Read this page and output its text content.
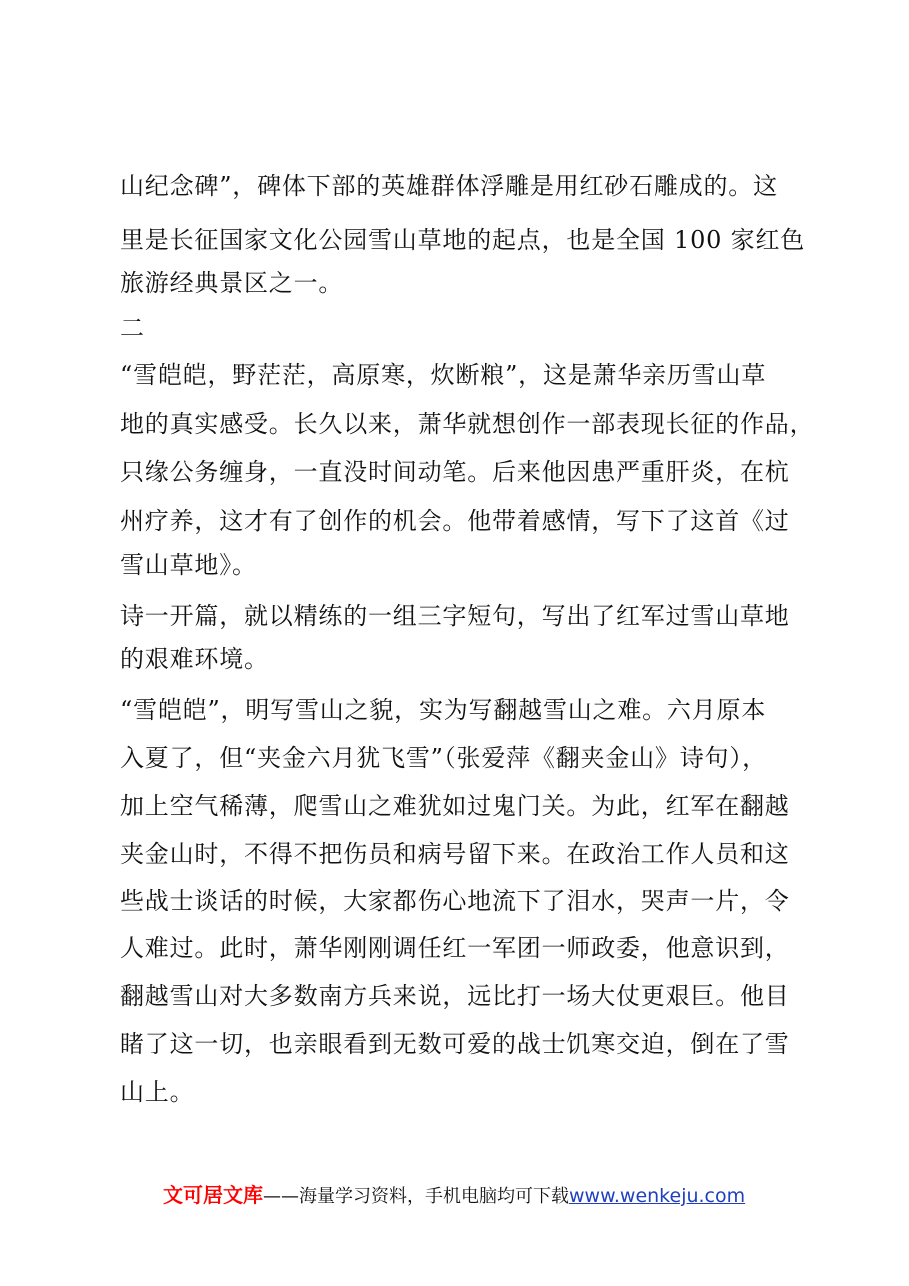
山纪念碑”，碑体下部的英雄群体浮雕是用红砂石雕成的。这
里是长征国家文化公园雪山草地的起点，也是全国 100 家红色
旅游经典景区之一。
二
“雪皑皑，野茫茫，高原寒，炊断粮”，这是萧华亲历雪山草
地的真实感受。长久以来，萧华就想创作一部表现长征的作品，
只缘公务缠身，一直没时间动笔。后来他因患严重肝炎，在杭
州疗养，这才有了创作的机会。他带着感情，写下了这首《过
雪山草地》。
诗一开篇，就以精练的一组三字短句，写出了红军过雪山草地
的艰难环境。
“雪皑皑”，明写雪山之貌，实为写翻越雪山之难。六月原本
入夏了，但“夹金六月犹飞雪”（张爱萍《翻夹金山》诗句），
加上空气稀薄，爬雪山之难犹如过鬼门关。为此，红军在翻越
夹金山时，不得不把伤员和病号留下来。在政治工作人员和这
些战士谈话的时候，大家都伤心地流下了泪水，哭声一片，令
人难过。此时，萧华刚刚调任红一军团一师政委，他意识到，
翻越雪山对大多数南方兵来说，远比打一场大仗更艰巨。他目
睹了这一切，也亲眼看到无数可爱的战士饥寒交迫，倒在了雪
山上。
文可居文库——海量学习资料，手机电脑均可下载www.wenkeju.com
